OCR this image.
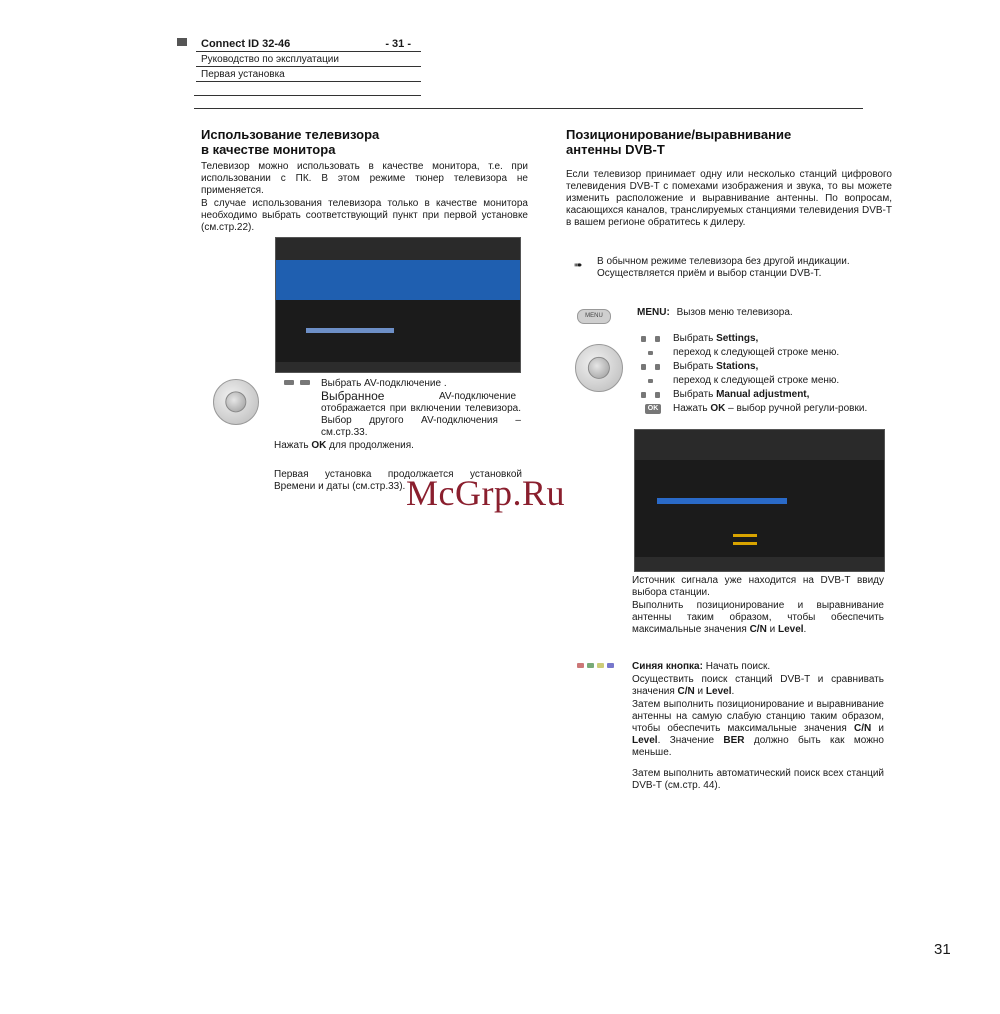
Connect ID 32-46	- 31 -
Руководство по эксплуатации
Первая установка
Использование телевизора
в качестве монитора
Телевизор можно использовать в качестве монитора, т.е. при использовании с ПК. В этом режиме тюнер телевизора не применяется.
В случае использования телевизора только в качестве монитора необходимо выбрать соответствующий пункт при первой установке (см.стр.22).
Выбрать AV-подключение .
Выбранное	AV-подключение отображается при включении телевизора. Выбор другого AV-подключения – см.стр.33.
Нажать OK для продолжения.
Первая установка продолжается установкой Времени и даты (см.стр.33).
Позиционирование/выравнивание
антенны DVB-T
Если телевизор принимает одну или несколько станций цифрового телевидения DVB-T с помехами изображения и звука, то вы можете изменить расположение и выравнивание антенны. По вопросам, касающихся каналов, транслируемых станциями телевидения DVB-T в вашем регионе обратитесь к дилеру.
➠ В обычном режиме телевизора без другой индикации. Осуществляется приём и выбор станции DVB-T.
MENU	MENU: Вызов меню телевизора.
OK
Выбрать Settings,
переход к следующей строке меню.
Выбрать Stations,
переход к следующей строке меню.
Выбрать Manual adjustment,
Нажать OK – выбор ручной регули-ровки.
Источник сигнала уже находится на DVB-T ввиду выбора станции.
Выполнить позиционирование и выравнивание антенны таким образом, чтобы обеспечить максимальные значения C/N и Level.
Синяя кнопка: Начать поиск.
Осуществить поиск станций DVB-T и сравнивать значения C/N и Level.
Затем выполнить позиционирование и выравнивание антенны на самую слабую станцию таким образом, чтобы обеспечить максимальные значения C/N и Level. Значение BER должно быть как можно меньше.
Затем выполнить автоматический поиск всех станций DVB-T (см.стр. 44).
McGrp.Ru
31
